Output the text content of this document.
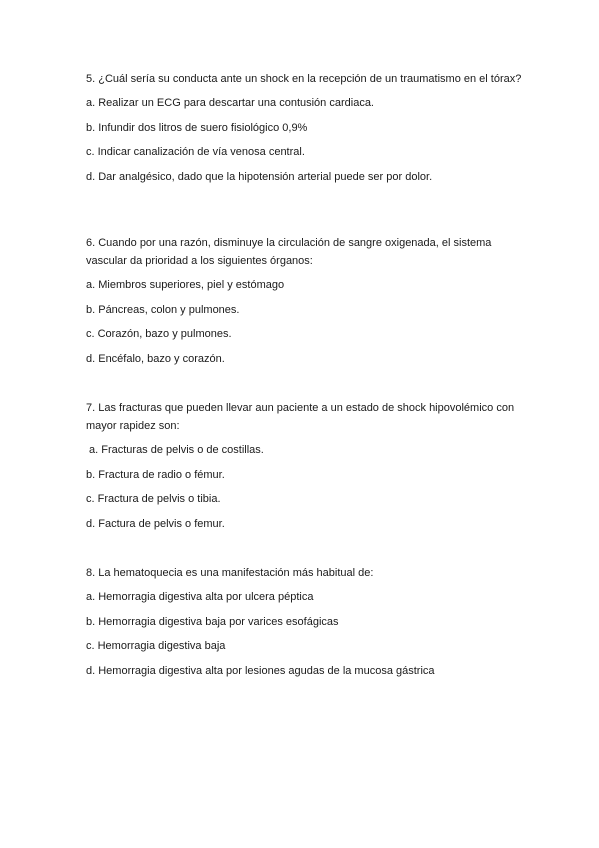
5. ¿Cuál sería su conducta ante un shock en la recepción de un traumatismo en el tórax?

a. Realizar un ECG para descartar una contusión cardiaca.
b. Infundir dos litros de suero fisiológico 0,9%
c. Indicar canalización de vía venosa central.
d. Dar analgésico, dado que la hipotensión arterial puede ser por dolor.

6. Cuando por una razón, disminuye la circulación de sangre oxigenada, el sistema vascular da prioridad a los siguientes órganos:

a. Miembros superiores, piel y estómago
b. Páncreas, colon y pulmones.
c. Corazón, bazo y pulmones.
d. Encéfalo, bazo y corazón.

7. Las fracturas que pueden llevar aun paciente a un estado de shock hipovolémico con mayor rapidez son:

a. Fracturas de pelvis o de costillas.
b. Fractura de radio o fémur.
c. Fractura de pelvis o tibia.
d. Factura de pelvis o femur.

8. La hematoquecia es una manifestación más habitual de:

a. Hemorragia digestiva alta por ulcera péptica
b. Hemorragia digestiva baja por varices esofágicas
c. Hemorragia digestiva baja
d. Hemorragia digestiva alta por lesiones agudas de la mucosa gástrica
